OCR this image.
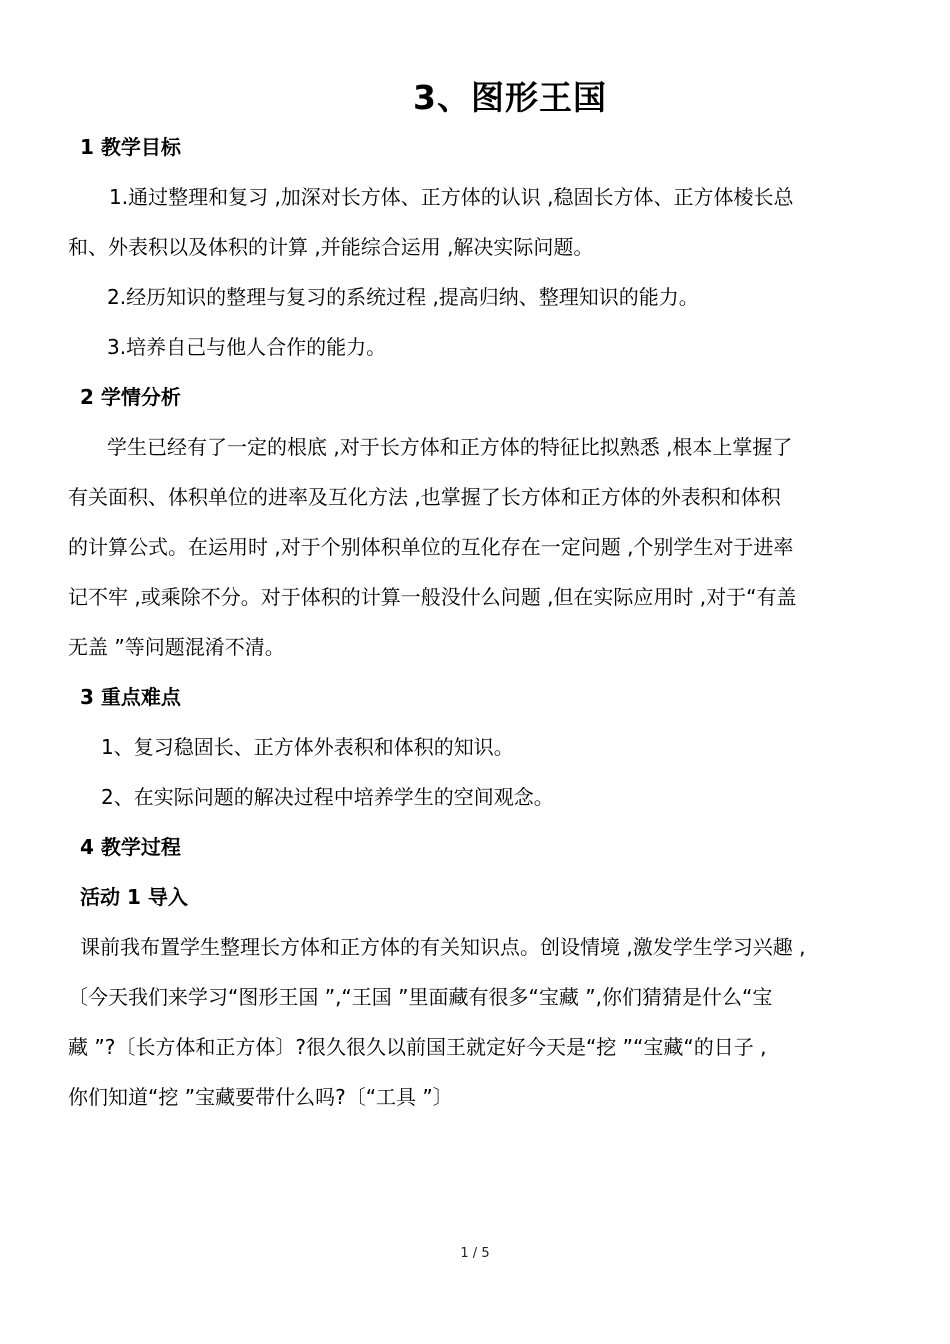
3、图形王国
1 教学目标
1.通过整理和复习 ,加深对长方体、正方体的认识 ,稳固长方体、正方体棱长总
和、外表积以及体积的计算 ,并能综合运用 ,解决实际问题。
2.经历知识的整理与复习的系统过程 ,提高归纳、整理知识的能力。
3.培养自己与他人合作的能力。
2 学情分析
学生已经有了一定的根底 ,对于长方体和正方体的特征比拟熟悉 ,根本上掌握了
有关面积、体积单位的进率及互化方法 ,也掌握了长方体和正方体的外表积和体积
的计算公式。在运用时 ,对于个别体积单位的互化存在一定问题 ,个别学生对于进率
记不牢 ,或乘除不分。对于体积的计算一般没什么问题 ,但在实际应用时 ,对于“有盖
无盖 ”等问题混淆不清。
3 重点难点
1、复习稳固长、正方体外表积和体积的知识。
2、在实际问题的解决过程中培养学生的空间观念。
4 教学过程
活动 1 导入
课前我布置学生整理长方体和正方体的有关知识点。创设情境 ,激发学生学习兴趣 ,
〔今天我们来学习“图形王国 ”,“王国 ”里面藏有很多“宝藏 ”,你们猜猜是什么“宝
藏 ”?〔长方体和正方体〕?很久很久以前国王就定好今天是“挖 ”“宝藏“的日子 ,
你们知道“挖 ”宝藏要带什么吗?〔“工具 ”〕
1 / 5
